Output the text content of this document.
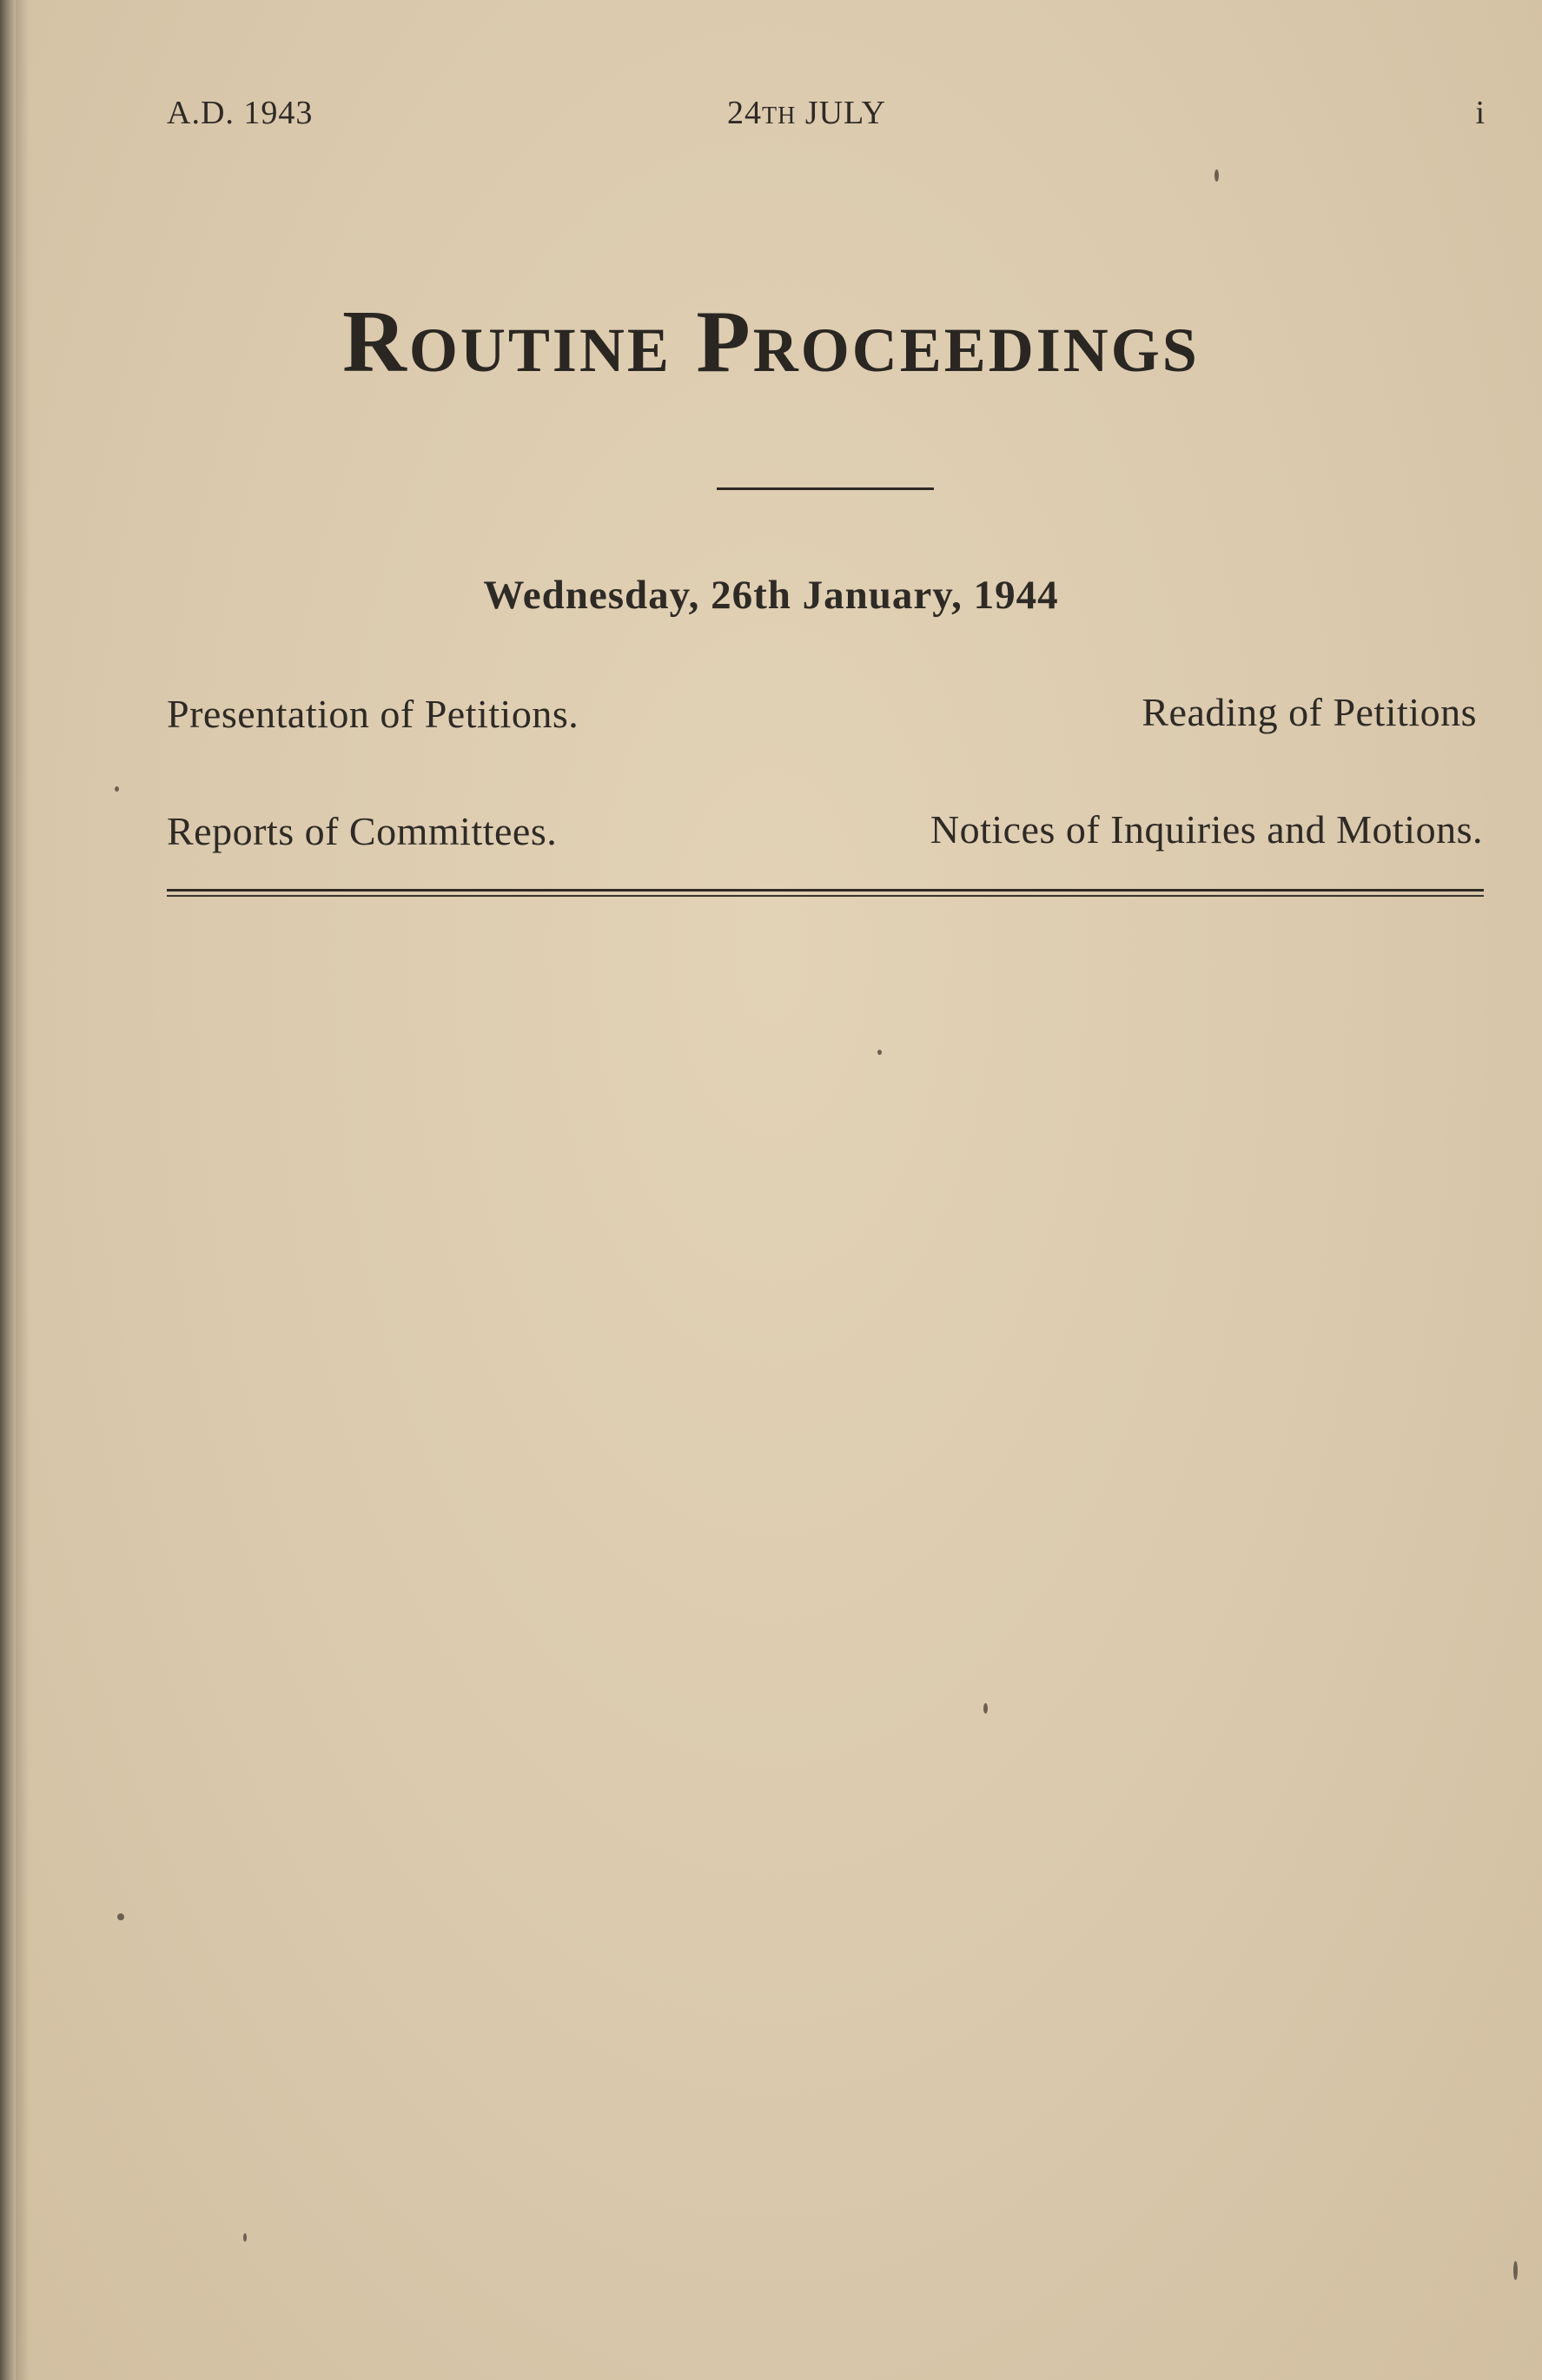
A.D. 1943	24TH JULY	i
ROUTINE PROCEEDINGS
Wednesday, 26th January, 1944
Presentation of Petitions.	Reading of Petitions
Reports of Committees.	Notices of Inquiries and Motions.
